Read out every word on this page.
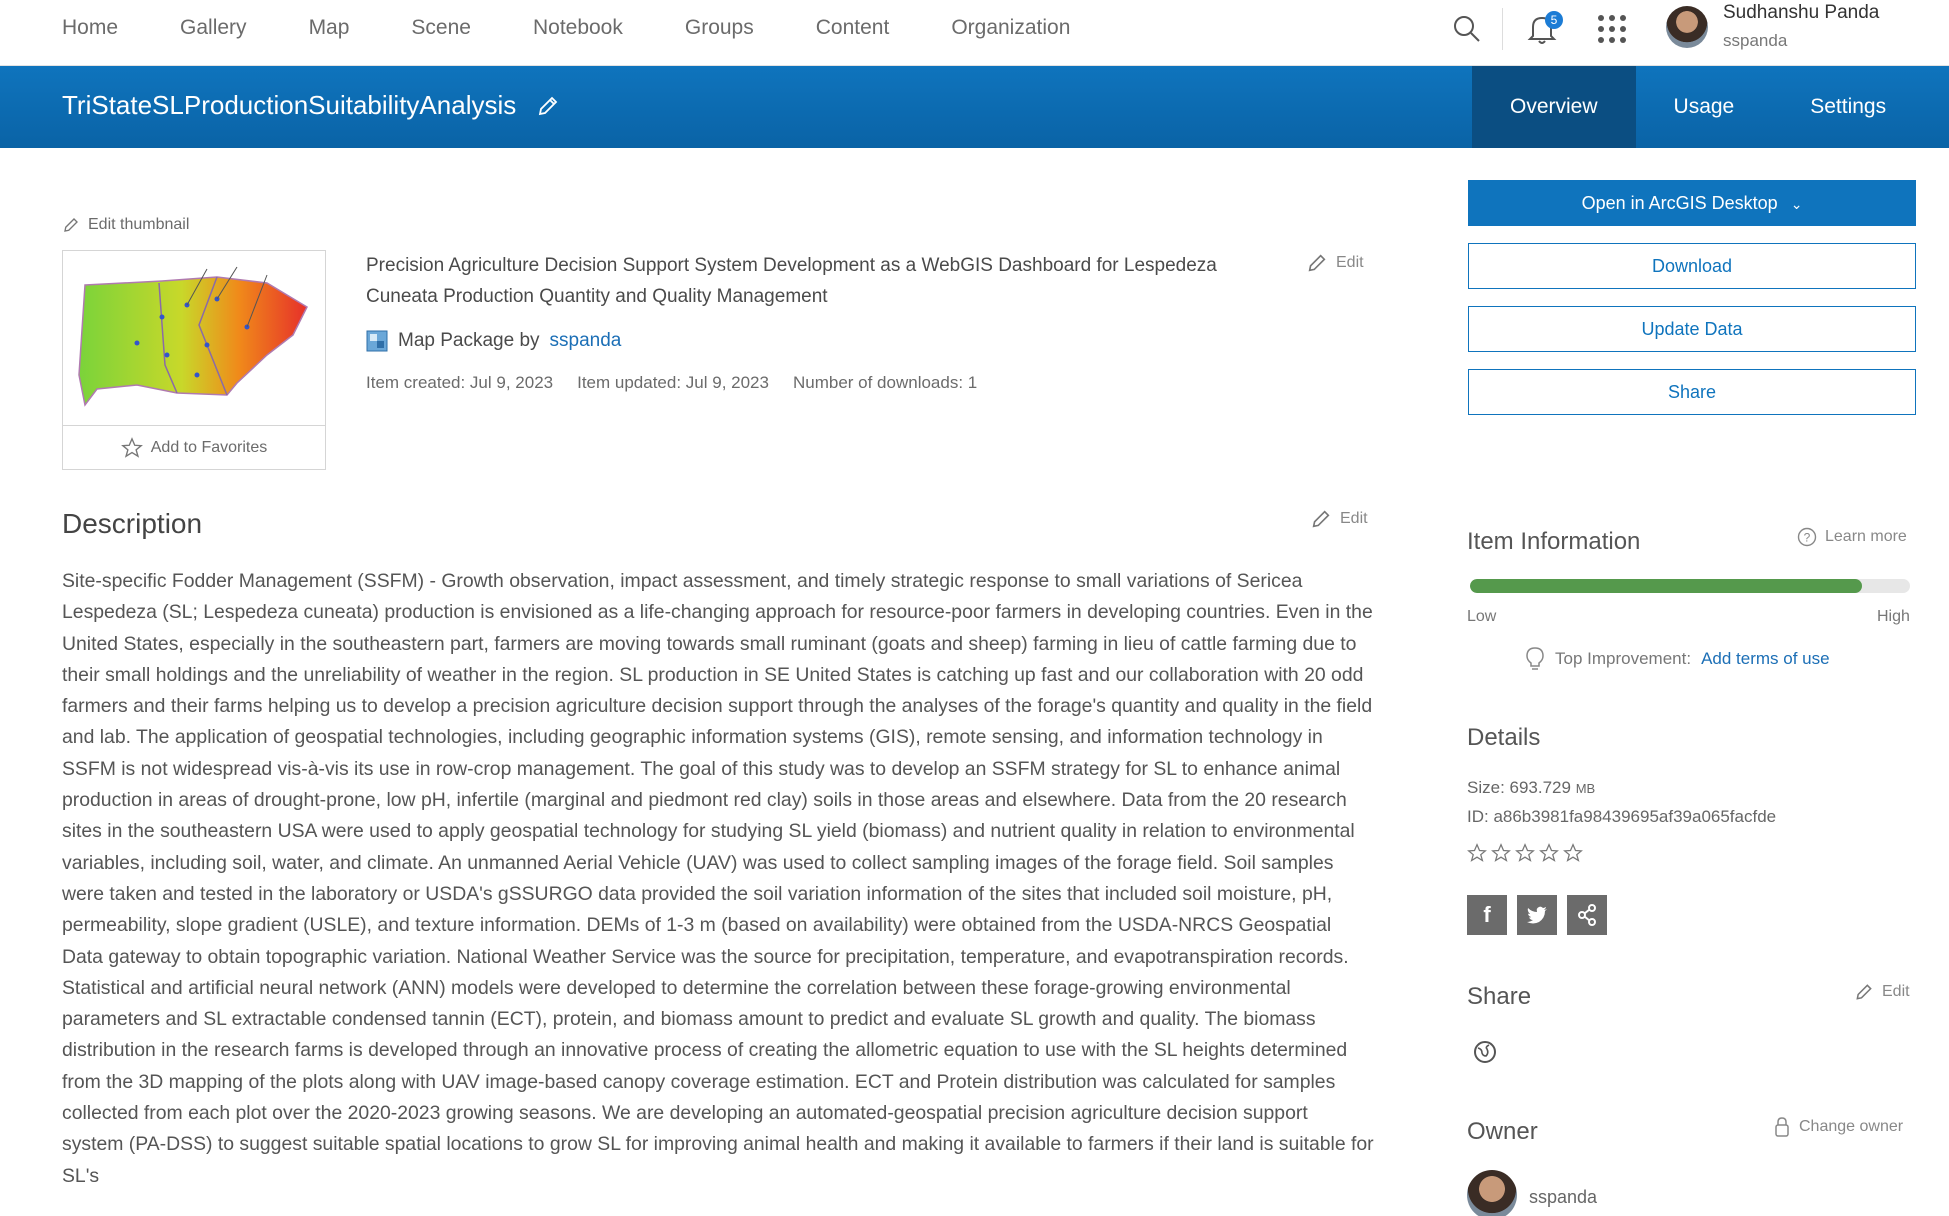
Home	Gallery	Map	Scene	Notebook	Groups	Content	Organization	5	Sudhanshu Panda
sspanda
TriStateSLProductionSuitabilityAnalysis	Overview	Usage	Settings
Edit thumbnail
Add to Favorites
Precision Agriculture Decision Support System Development as a WebGIS Dashboard for Lespedeza Cuneata Production Quantity and Quality Management
Edit
Map Package by sspanda
Item created: Jul 9, 2023 Item updated: Jul 9, 2023 Number of downloads: 1
Description	Edit
Site-specific Fodder Management (SSFM) - Growth observation, impact assessment, and timely strategic response to small variations of Sericea Lespedeza (SL; Lespedeza cuneata) production is envisioned as a life-changing approach for resource-poor farmers in developing countries. Even in the United States, especially in the southeastern part, farmers are moving towards small ruminant (goats and sheep) farming in lieu of cattle farming due to their small holdings and the unreliability of weather in the region. SL production in SE United States is catching up fast and our collaboration with 20 odd farmers and their farms helping us to develop a precision agriculture decision support through the analyses of the forage's quantity and quality in the field and lab. The application of geospatial technologies, including geographic information systems (GIS), remote sensing, and information technology in SSFM is not widespread vis-à-vis its use in row-crop management. The goal of this study was to develop an SSFM strategy for SL to enhance animal production in areas of drought-prone, low pH, infertile (marginal and piedmont red clay) soils in those areas and elsewhere. Data from the 20 research sites in the southeastern USA were used to apply geospatial technology for studying SL yield (biomass) and nutrient quality in relation to environmental variables, including soil, water, and climate. An unmanned Aerial Vehicle (UAV) was used to collect sampling images of the forage field. Soil samples were taken and tested in the laboratory or USDA's gSSURGO data provided the soil variation information of the sites that included soil moisture, pH, permeability, slope gradient (USLE), and texture information. DEMs of 1-3 m (based on availability) were obtained from the USDA-NRCS Geospatial Data gateway to obtain topographic variation. National Weather Service was the source for precipitation, temperature, and evapotranspiration records. Statistical and artificial neural network (ANN) models were developed to determine the correlation between these forage-growing environmental parameters and SL extractable condensed tannin (ECT), protein, and biomass amount to predict and evaluate SL growth and quality. The biomass distribution in the research farms is developed through an innovative process of creating the allometric equation to use with the SL heights determined from the 3D mapping of the plots along with UAV image-based canopy coverage estimation. ECT and Protein distribution was calculated for samples collected from each plot over the 2020-2023 growing seasons. We are developing an automated-geospatial precision agriculture decision support system (PA-DSS) to suggest suitable spatial locations to grow SL for improving animal health and making it available to farmers if their land is suitable for SL's
Open in ArcGIS Desktop ⌄
Download
Update Data
Share
Item Information	? Learn more
Low	High
Top Improvement: Add terms of use
Details
Size: 693.729 MB
ID: a86b3981fa98439695af39a065facfde
f
Share	Edit
Owner	Change owner
sspanda
